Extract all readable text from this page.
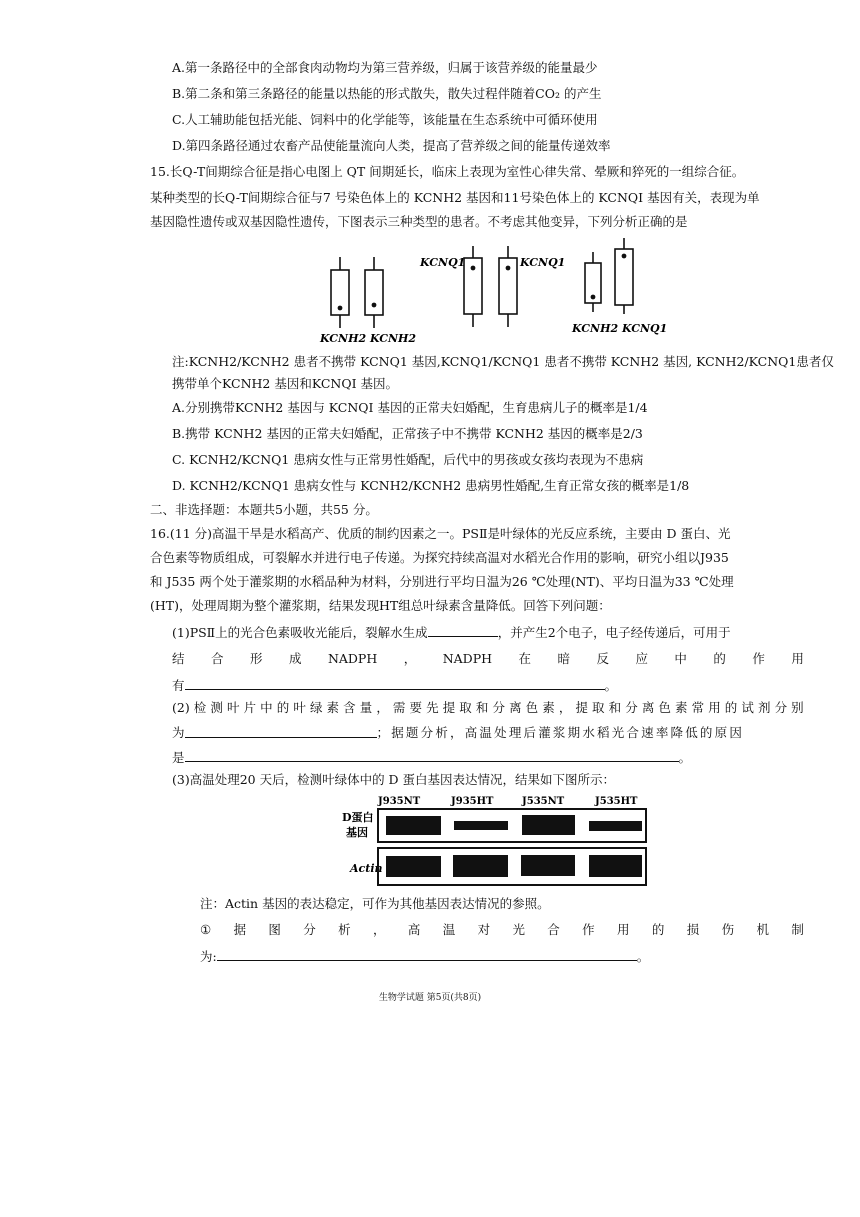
A.第一条路径中的全部食肉动物均为第三营养级，归属于该营养级的能量最少
B.第二条和第三条路径的能量以热能的形式散失，散失过程伴随着CO₂ 的产生
C.人工辅助能包括光能、饲料中的化学能等，该能量在生态系统中可循环使用
D.第四条路径通过农畜产品使能量流向人类，提高了营养级之间的能量传递效率
15.长Q-T间期综合征是指心电图上 QT 间期延长，临床上表现为室性心律失常、晕厥和猝死的一组综合征。
某种类型的长Q-T间期综合征与7 号染色体上的 KCNH2 基因和11号染色体上的 KCNQI 基因有关，表现为单
基因隐性遗传或双基因隐性遗传，下图表示三种类型的患者。不考虑其他变异，下列分析正确的是
KCNH2 KCNH2
KCNQ1	KCNQ1
KCNH2 KCNQ1
注:KCNH2/KCNH2 患者不携带 KCNQ1 基因,KCNQ1/KCNQ1 患者不携带 KCNH2 基因, KCNH2/KCNQ1患者仅
携带单个KCNH2 基因和KCNQI 基因。
A.分别携带KCNH2 基因与 KCNQI 基因的正常夫妇婚配，生育患病儿子的概率是1/4
B.携带 KCNH2 基因的正常夫妇婚配，正常孩子中不携带 KCNH2 基因的概率是2/3
C. KCNH2/KCNQ1 患病女性与正常男性婚配，后代中的男孩或女孩均表现为不患病
D. KCNH2/KCNQ1 患病女性与 KCNH2/KCNH2 患病男性婚配,生育正常女孩的概率是1/8
二、非选择题：本题共5小题，共55 分。
16.(11 分)高温干旱是水稻高产、优质的制约因素之一。PSⅡ是叶绿体的光反应系统，主要由 D 蛋白、光
合色素等物质组成，可裂解水并进行电子传递。为探究持续高温对水稻光合作用的影响，研究小组以J935
和 J535 两个处于灌浆期的水稻品种为材料，分别进行平均日温为26 ℃处理(NT)、平均日温为33 ℃处理
(HT)，处理周期为整个灌浆期，结果发现HT组总叶绿素含量降低。回答下列问题：
(1)PSⅡ上的光合色素吸收光能后，裂解水生成	，并产生2个电子，电子经传递后，可用于
结 合 形 成 NADPH ， NADPH 在 暗 反 应 中 的 作 用
有	。
(2) 检 测 叶 片 中 的 叶 绿 素 含 量 ， 需 要 先 提 取 和 分 离 色 素 ， 提 取 和 分 离 色 素 常 用 的 试 剂 分 别
为	；据题分析，高温处理后灌浆期水稻光合速率降低的原因
是	。
(3)高温处理20 天后，检测叶绿体中的 D 蛋白基因表达情况，结果如下图所示：
J935NT	J935HT	J535NT	J535HT
D蛋白
基因
Actin
注：Actin 基因的表达稳定，可作为其他基因表达情况的参照。
① 据 图 分 析 ， 高 温 对 光 合 作 用 的 损 伤 机 制
为:	。
生物学试题 第5页(共8页)
